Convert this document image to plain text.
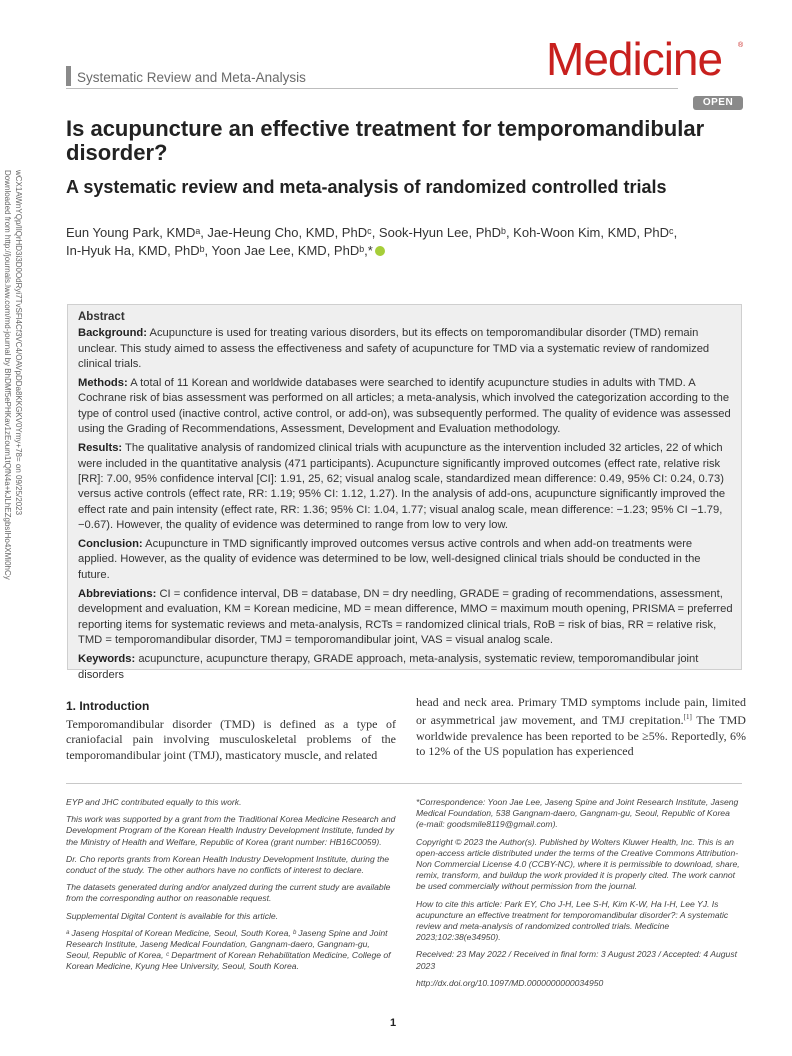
Medicine ®
OPEN
Systematic Review and Meta-Analysis
Downloaded from http://journals.lww.com/md-journal by BhDMf5ePHKav1zEoum1tQfN4a+kJLhEZgbsIHo4XMi0hCy wCX1AWnYQp/IlQrHD3i3D0OdRyi7TvSFl4Cf3VC4/OAVpDDa8KKGKV0Ymy+78= on 09/25/2023
Is acupuncture an effective treatment for temporomandibular disorder?
A systematic review and meta-analysis of randomized controlled trials
Eun Young Park, KMDᵃ, Jae-Heung Cho, KMD, PhDᶜ, Sook-Hyun Lee, PhDᵇ, Koh-Woon Kim, KMD, PhDᶜ,
In-Hyuk Ha, KMD, PhDᵇ, Yoon Jae Lee, KMD, PhDᵇ,*

Abstract

Background: Acupuncture is used for treating various disorders, but its effects on temporomandibular disorder (TMD) remain unclear. This study aimed to assess the effectiveness and safety of acupuncture for TMD via a systematic review of randomized clinical trials.

Methods: A total of 11 Korean and worldwide databases were searched to identify acupuncture studies in adults with TMD. A Cochrane risk of bias assessment was performed on all articles; a meta-analysis, which involved the categorization according to the type of control used (inactive control, active control, or add-on), was subsequently performed. The quality of evidence was assessed using the Grading of Recommendations, Assessment, Development and Evaluation methodology.

Results: The qualitative analysis of randomized clinical trials with acupuncture as the intervention included 32 articles, 22 of which were included in the quantitative analysis (471 participants). Acupuncture significantly improved outcomes (effect rate, relative risk [RR]: 7.00, 95% confidence interval [CI]: 1.91, 25, 62; visual analog scale, standardized mean difference: 0.49, 95% CI: 0.24, 0.73) versus active controls (effect rate, RR: 1.19; 95% CI: 1.12, 1.27). In the analysis of add-ons, acupuncture significantly improved the effect rate and pain intensity (effect rate, RR: 1.36; 95% CI: 1.04, 1.77; visual analog scale, mean difference: −1.23; 95% CI −1.79, −0.67). However, the quality of evidence was determined to range from low to very low.

Conclusion: Acupuncture in TMD significantly improved outcomes versus active controls and when add-on treatments were applied. However, as the quality of evidence was determined to be low, well-designed clinical trials should be conducted in the future.

Abbreviations: CI = confidence interval, DB = database, DN = dry needling, GRADE = grading of recommendations, assessment, development and evaluation, KM = Korean medicine, MD = mean difference, MMO = maximum mouth opening, PRISMA = preferred reporting items for systematic reviews and meta-analysis, RCTs = randomized clinical trials, RoB = risk of bias, RR = relative risk, TMD = temporomandibular disorder, TMJ = temporomandibular joint, VAS = visual analog scale.

Keywords: acupuncture, acupuncture therapy, GRADE approach, meta-analysis, systematic review, temporomandibular joint disorders

1. Introduction
Temporomandibular disorder (TMD) is defined as a type of craniofacial pain involving musculoskeletal problems of the temporomandibular joint (TMJ), masticatory muscle, and related
head and neck area. Primary TMD symptoms include pain, limited or asymmetrical jaw movement, and TMJ crepitation.[1] The TMD worldwide prevalence has been reported to be ≥5%. Reportedly, 6% to 12% of the US population has experienced

EYP and JHC contributed equally to this work.

This work was supported by a grant from the Traditional Korea Medicine Research and Development Program of the Korean Health Industry Development Institute, funded by the Ministry of Health and Welfare, Republic of Korea (grant number: HB16C0059).

Dr. Cho reports grants from Korean Health Industry Development Institute, during the conduct of the study. The other authors have no conflicts of interest to declare.

The datasets generated during and/or analyzed during the current study are available from the corresponding author on reasonable request.

Supplemental Digital Content is available for this article.

ᵃ Jaseng Hospital of Korean Medicine, Seoul, South Korea, ᵇ Jaseng Spine and Joint Research Institute, Jaseng Medical Foundation, Gangnam-daero, Gangnam-gu, Seoul, Republic of Korea, ᶜ Department of Korean Rehabilitation Medicine, College of Korean Medicine, Kyung Hee University, Seoul, South Korea.

*Correspondence: Yoon Jae Lee, Jaseng Spine and Joint Research Institute, Jaseng Medical Foundation, 538 Gangnam-daero, Gangnam-gu, Seoul, Republic of Korea (e-mail: goodsmile8119@gmail.com).

Copyright © 2023 the Author(s). Published by Wolters Kluwer Health, Inc. This is an open-access article distributed under the terms of the Creative Commons Attribution-Non Commercial License 4.0 (CCBY-NC), where it is permissible to download, share, remix, transform, and buildup the work provided it is properly cited. The work cannot be used commercially without permission from the journal.

How to cite this article: Park EY, Cho J-H, Lee S-H, Kim K-W, Ha I-H, Lee YJ. Is acupuncture an effective treatment for temporomandibular disorder?: A systematic review and meta-analysis of randomized controlled trials. Medicine 2023;102:38(e34950).

Received: 23 May 2022 / Received in final form: 3 August 2023 / Accepted: 4 August 2023

http://dx.doi.org/10.1097/MD.0000000000034950

1
